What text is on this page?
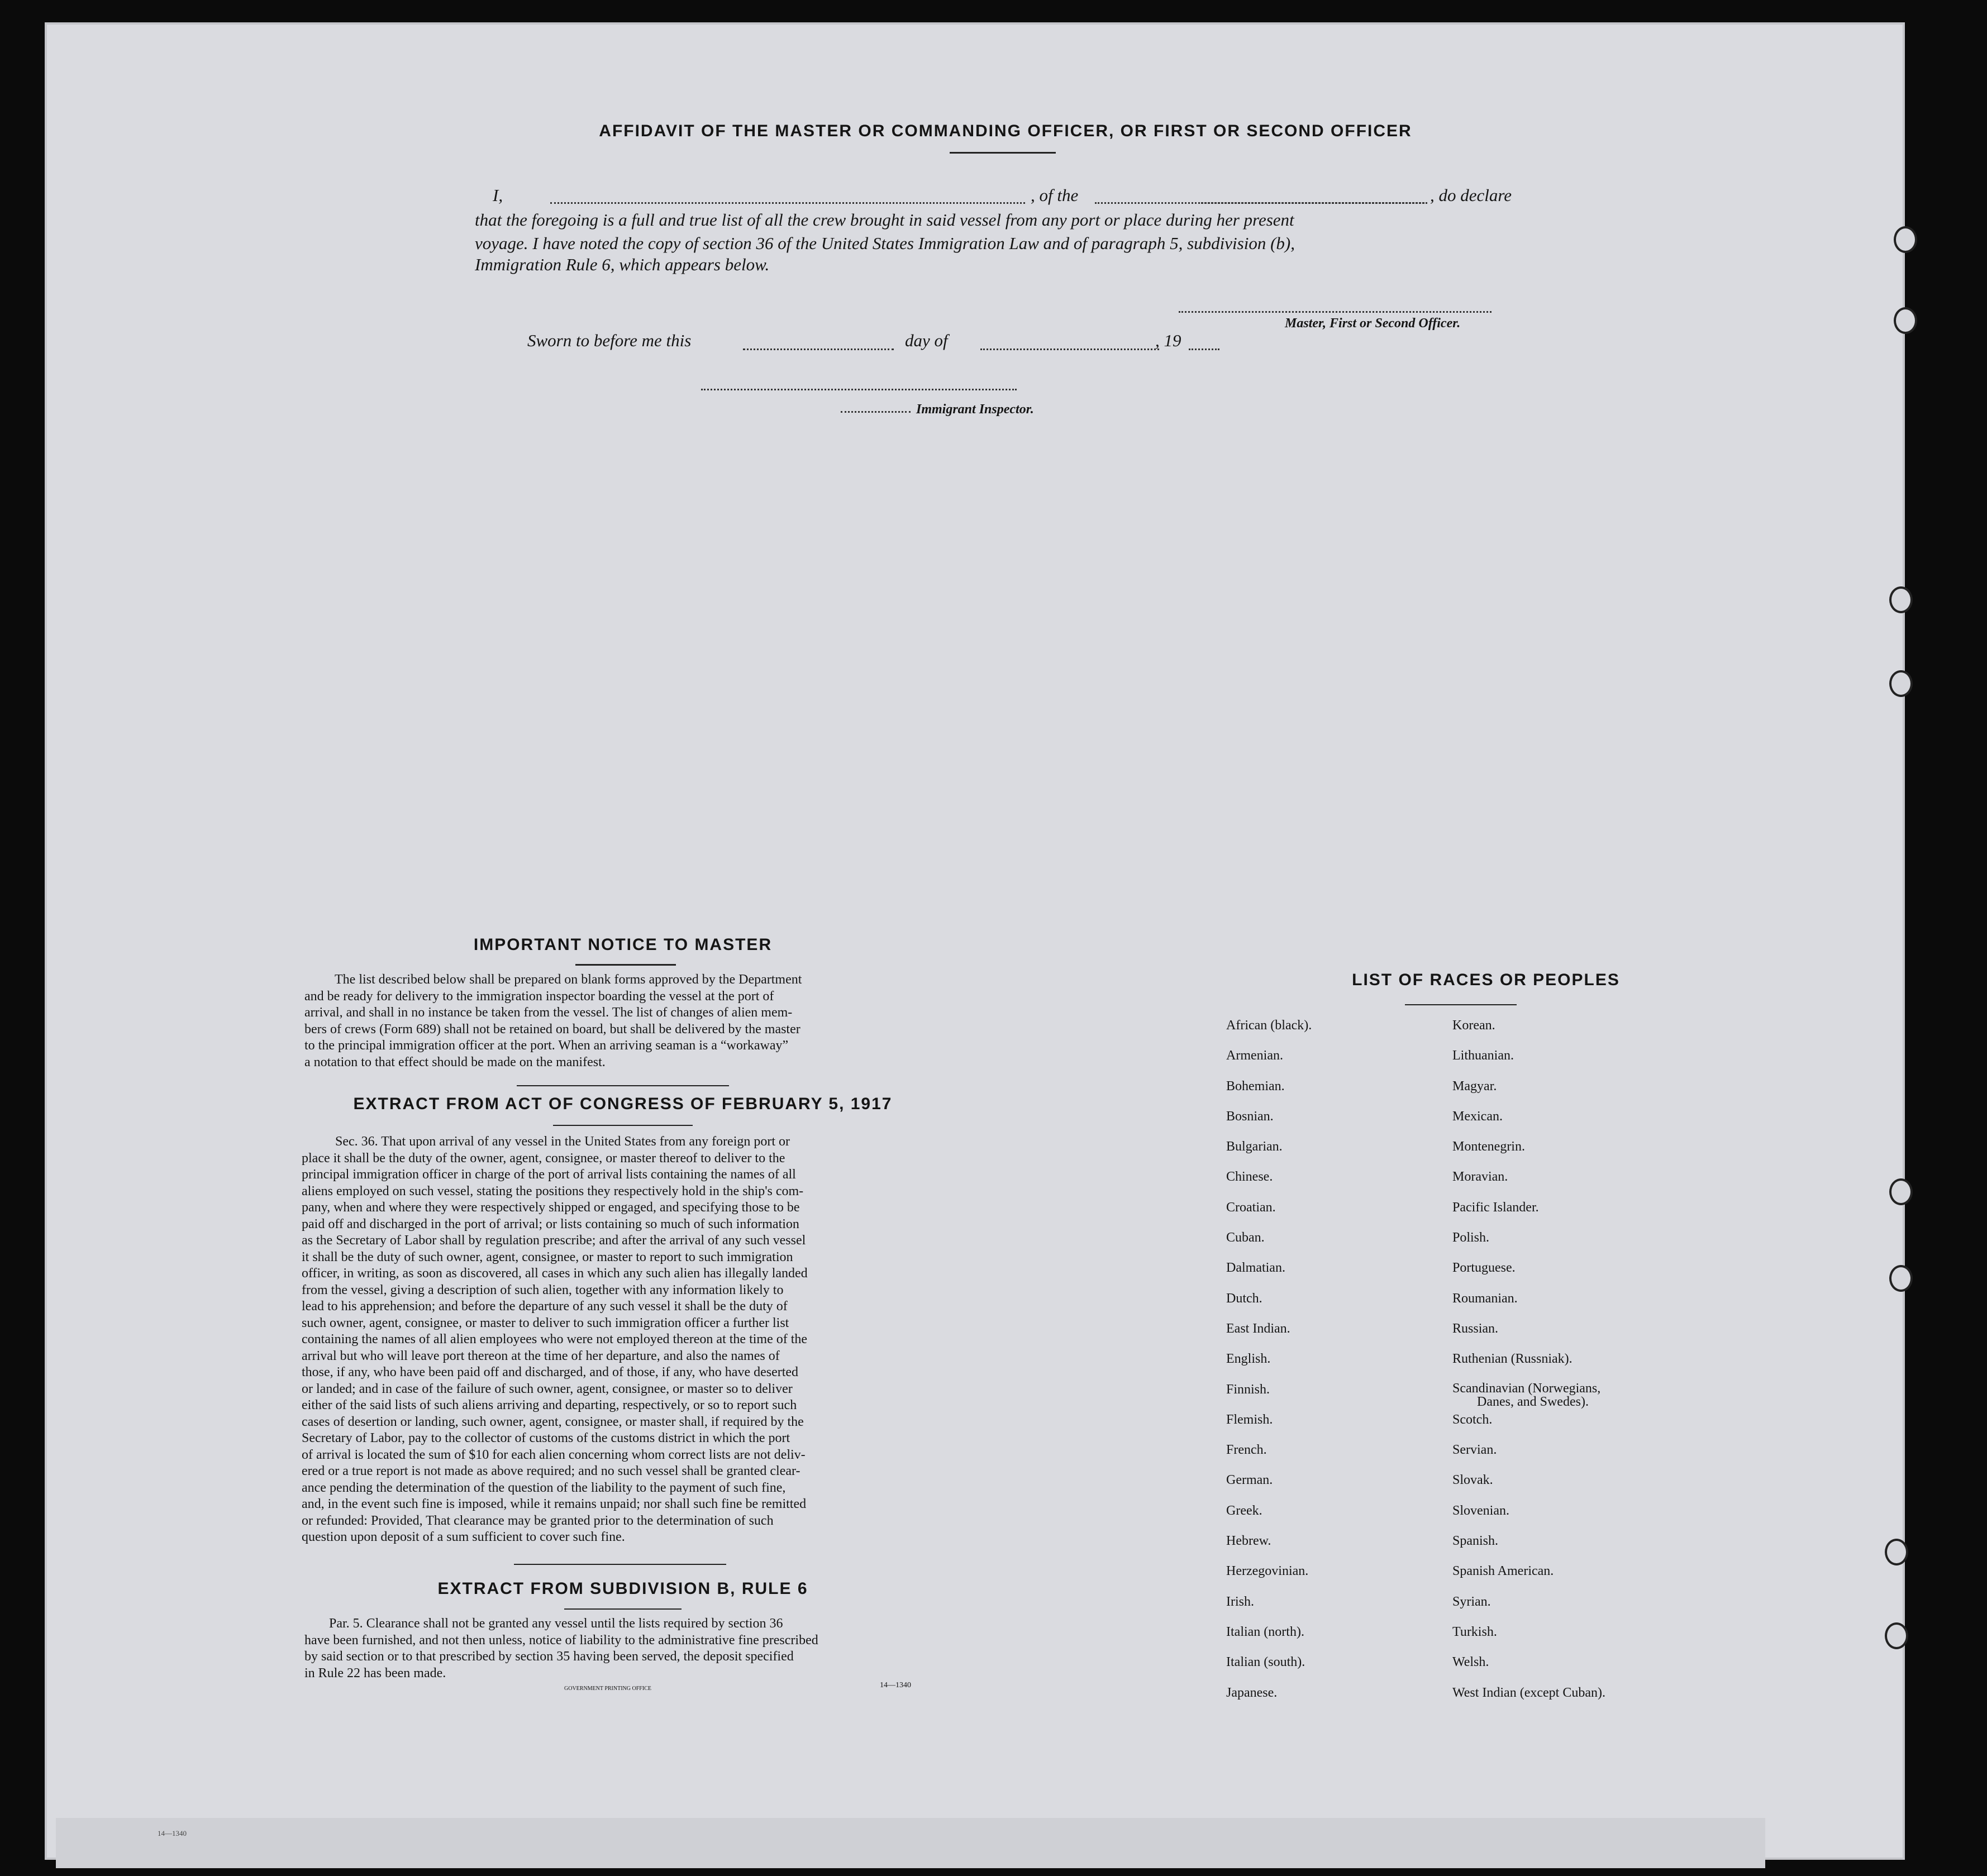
AFFIDAVIT OF THE MASTER OR COMMANDING OFFICER, OR FIRST OR SECOND OFFICER
I,	, of the	, do declare
that the foregoing is a full and true list of all the crew brought in said vessel from any port or place during her present
voyage. I have noted the copy of section 36 of the United States Immigration Law and of paragraph 5, subdivision (b),
Immigration Rule 6, which appears below.
Master, First or Second Officer.
Sworn to before me this	day of	, 19
Immigrant Inspector.
IMPORTANT NOTICE TO MASTER
The list described below shall be prepared on blank forms approved by the Department
and be ready for delivery to the immigration inspector boarding the vessel at the port of
arrival, and shall in no instance be taken from the vessel. The list of changes of alien mem-
bers of crews (Form 689) shall not be retained on board, but shall be delivered by the master
to the principal immigration officer at the port. When an arriving seaman is a “workaway”
a notation to that effect should be made on the manifest.
EXTRACT FROM ACT OF CONGRESS OF FEBRUARY 5, 1917
Sec. 36. That upon arrival of any vessel in the United States from any foreign port or
place it shall be the duty of the owner, agent, consignee, or master thereof to deliver to the
principal immigration officer in charge of the port of arrival lists containing the names of all
aliens employed on such vessel, stating the positions they respectively hold in the ship's com-
pany, when and where they were respectively shipped or engaged, and specifying those to be
paid off and discharged in the port of arrival; or lists containing so much of such information
as the Secretary of Labor shall by regulation prescribe; and after the arrival of any such vessel
it shall be the duty of such owner, agent, consignee, or master to report to such immigration
officer, in writing, as soon as discovered, all cases in which any such alien has illegally landed
from the vessel, giving a description of such alien, together with any information likely to
lead to his apprehension; and before the departure of any such vessel it shall be the duty of
such owner, agent, consignee, or master to deliver to such immigration officer a further list
containing the names of all alien employees who were not employed thereon at the time of the
arrival but who will leave port thereon at the time of her departure, and also the names of
those, if any, who have been paid off and discharged, and of those, if any, who have deserted
or landed; and in case of the failure of such owner, agent, consignee, or master so to deliver
either of the said lists of such aliens arriving and departing, respectively, or so to report such
cases of desertion or landing, such owner, agent, consignee, or master shall, if required by the
Secretary of Labor, pay to the collector of customs of the customs district in which the port
of arrival is located the sum of $10 for each alien concerning whom correct lists are not deliv-
ered or a true report is not made as above required; and no such vessel shall be granted clear-
ance pending the determination of the question of the liability to the payment of such fine,
and, in the event such fine is imposed, while it remains unpaid; nor shall such fine be remitted
or refunded: Provided, That clearance may be granted prior to the determination of such
question upon deposit of a sum sufficient to cover such fine.
EXTRACT FROM SUBDIVISION B, RULE 6
Par. 5. Clearance shall not be granted any vessel until the lists required by section 36
have been furnished, and not then unless, notice of liability to the administrative fine prescribed
by said section or to that prescribed by section 35 having been served, the deposit specified
in Rule 22 has been made.
GOVERNMENT PRINTING OFFICE	14—1340
LIST OF RACES OR PEOPLES
African (black).
Armenian.
Bohemian.
Bosnian.
Bulgarian.
Chinese.
Croatian.
Cuban.
Dalmatian.
Dutch.
East Indian.
English.
Finnish.
Flemish.
French.
German.
Greek.
Hebrew.
Herzegovinian.
Irish.
Italian (north).
Italian (south).
Japanese.
Korean.
Lithuanian.
Magyar.
Mexican.
Montenegrin.
Moravian.
Pacific Islander.
Polish.
Portuguese.
Roumanian.
Russian.
Ruthenian (Russniak).
Scandinavian (Norwegians,
Danes, and Swedes).
Scotch.
Servian.
Slovak.
Slovenian.
Spanish.
Spanish American.
Syrian.
Turkish.
Welsh.
West Indian (except Cuban).
14—1340
